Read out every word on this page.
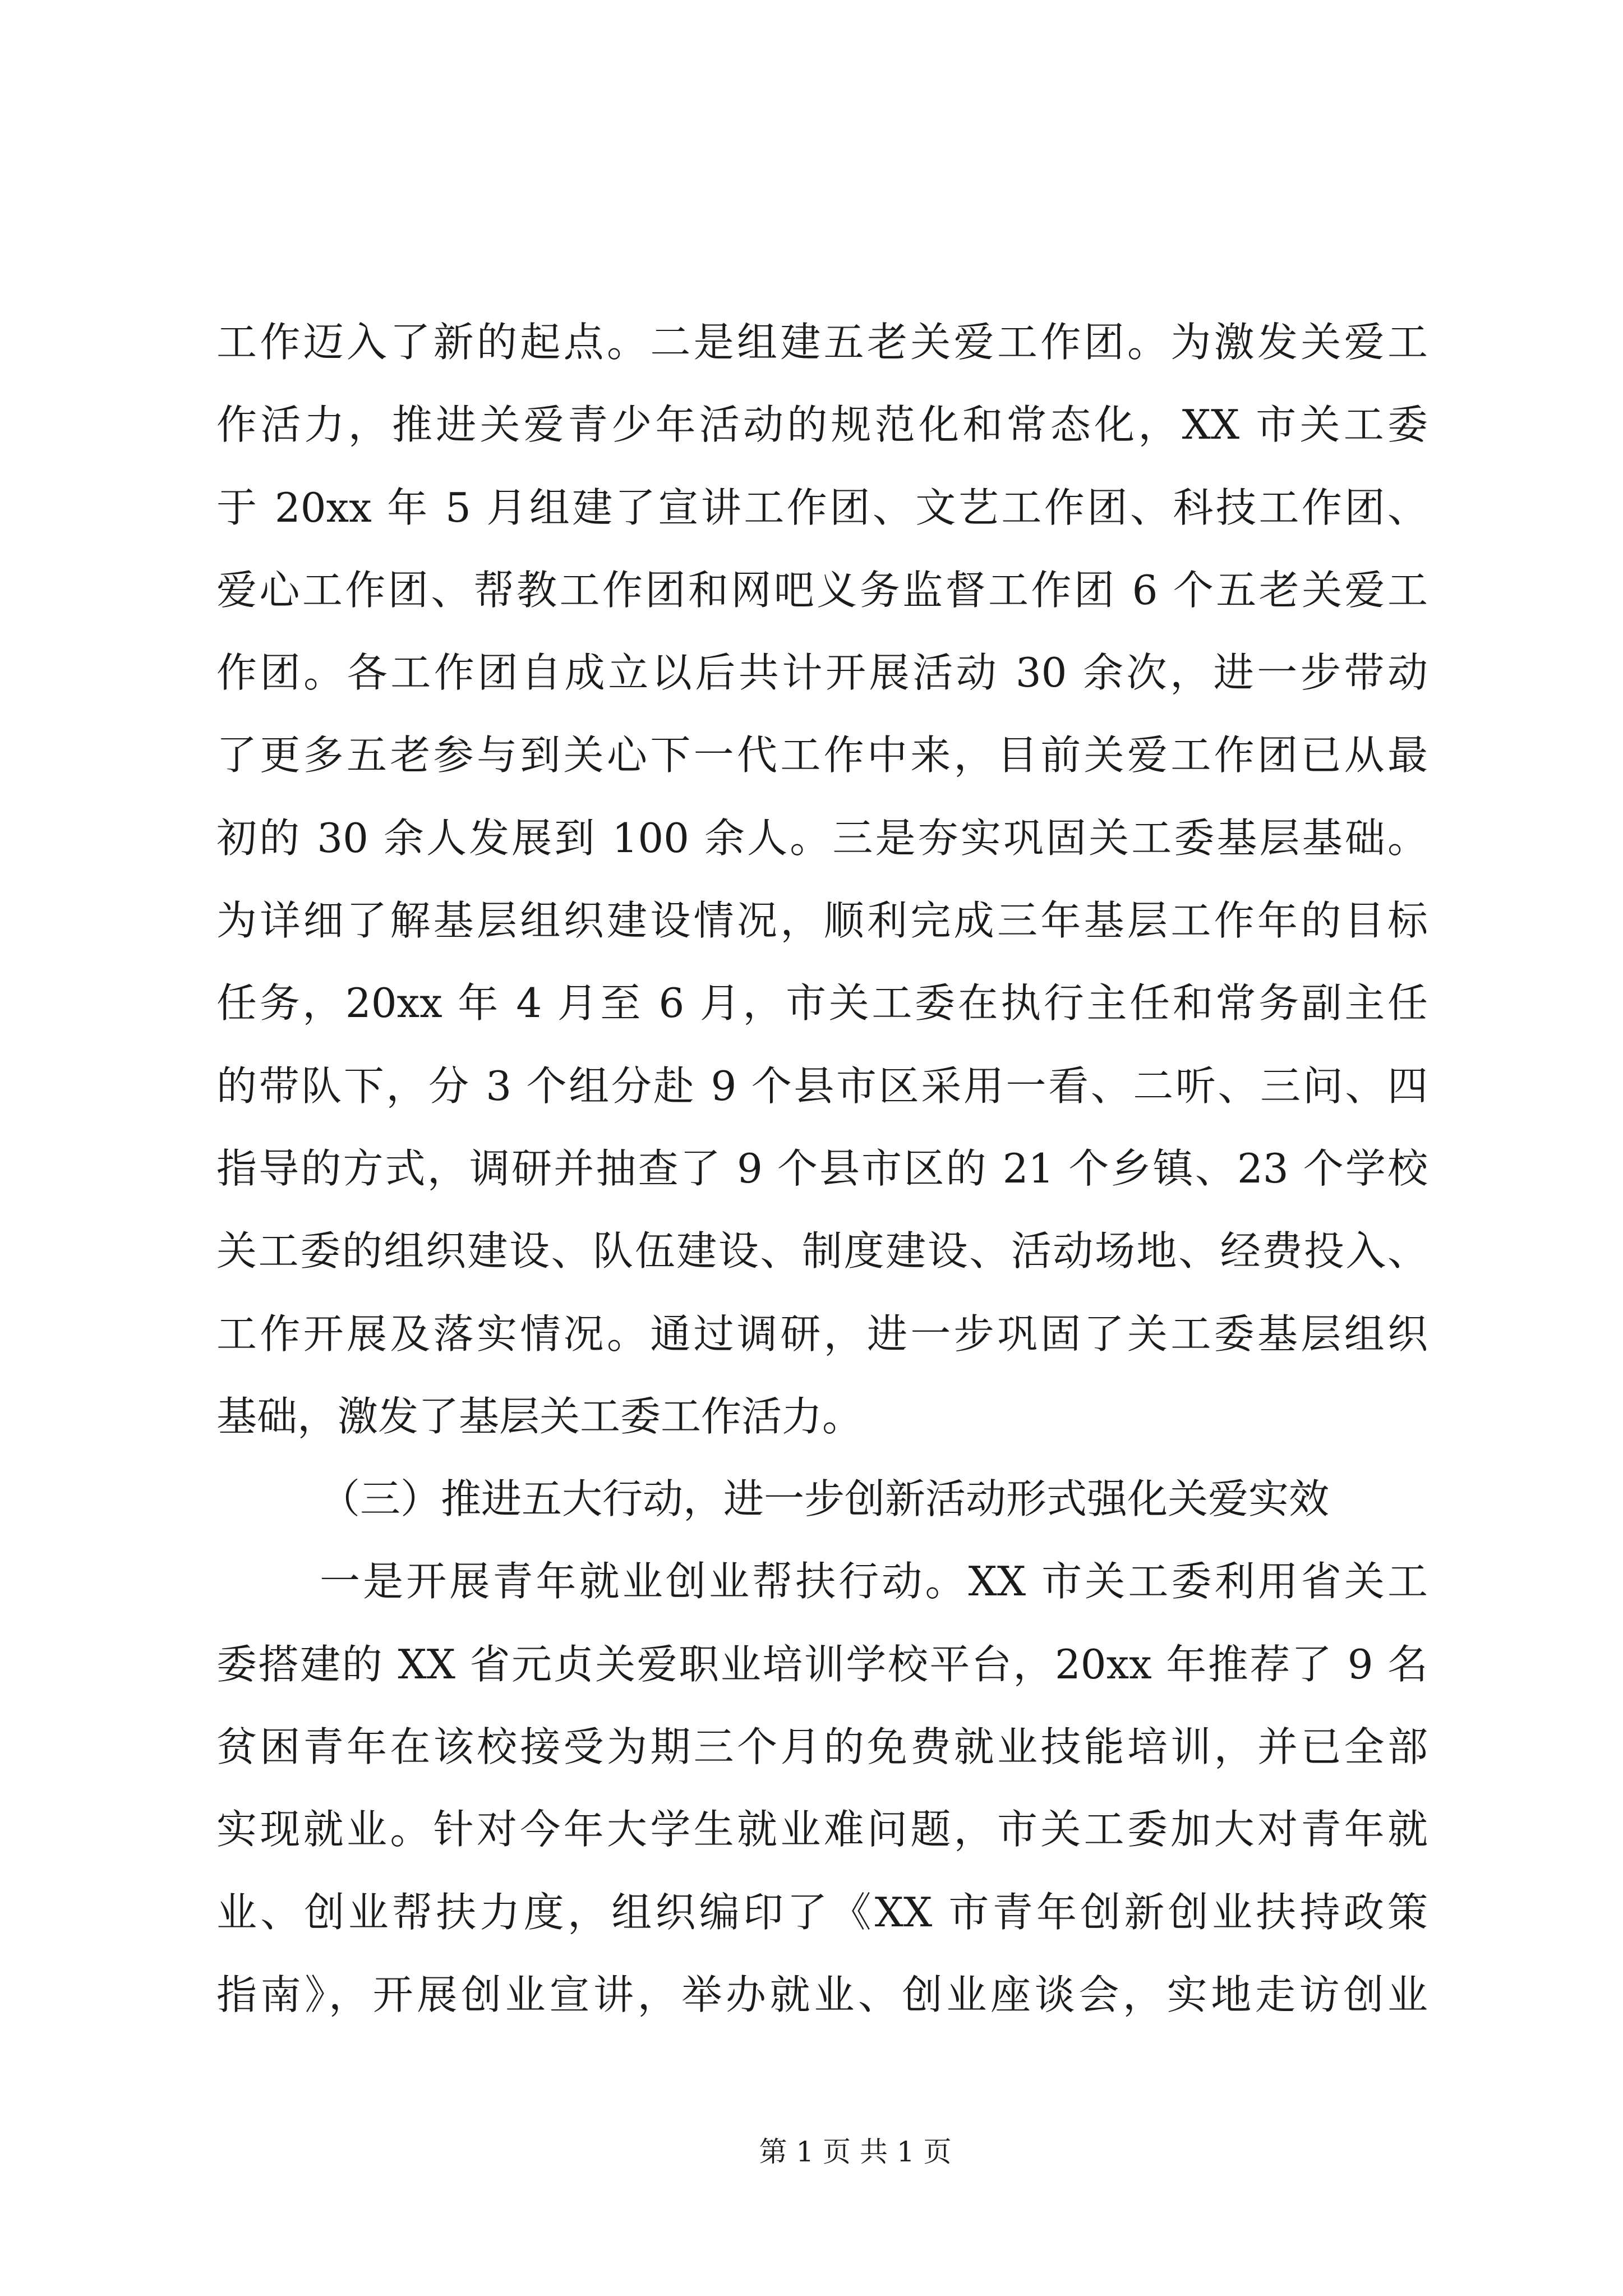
工作迈入了新的起点。二是组建五老关爱工作团。为激发关爱工
作活力，推进关爱青少年活动的规范化和常态化，XX 市关工委
于 20xx 年 5 月组建了宣讲工作团、文艺工作团、科技工作团、
爱心工作团、帮教工作团和网吧义务监督工作团 6 个五老关爱工
作团。各工作团自成立以后共计开展活动 30 余次，进一步带动
了更多五老参与到关心下一代工作中来，目前关爱工作团已从最
初的 30 余人发展到 100 余人。三是夯实巩固关工委基层基础。
为详细了解基层组织建设情况，顺利完成三年基层工作年的目标
任务，20xx 年 4 月至 6 月，市关工委在执行主任和常务副主任
的带队下，分 3 个组分赴 9 个县市区采用一看、二听、三问、四
指导的方式，调研并抽查了 9 个县市区的 21 个乡镇、23 个学校
关工委的组织建设、队伍建设、制度建设、活动场地、经费投入、
工作开展及落实情况。通过调研，进一步巩固了关工委基层组织
基础，激发了基层关工委工作活力。
（三）推进五大行动，进一步创新活动形式强化关爱实效
一是开展青年就业创业帮扶行动。XX 市关工委利用省关工
委搭建的 XX 省元贞关爱职业培训学校平台，20xx 年推荐了 9 名
贫困青年在该校接受为期三个月的免费就业技能培训，并已全部
实现就业。针对今年大学生就业难问题，市关工委加大对青年就
业、创业帮扶力度，组织编印了《XX 市青年创新创业扶持政策
指南》，开展创业宣讲，举办就业、创业座谈会，实地走访创业
第 1 页 共 1 页
